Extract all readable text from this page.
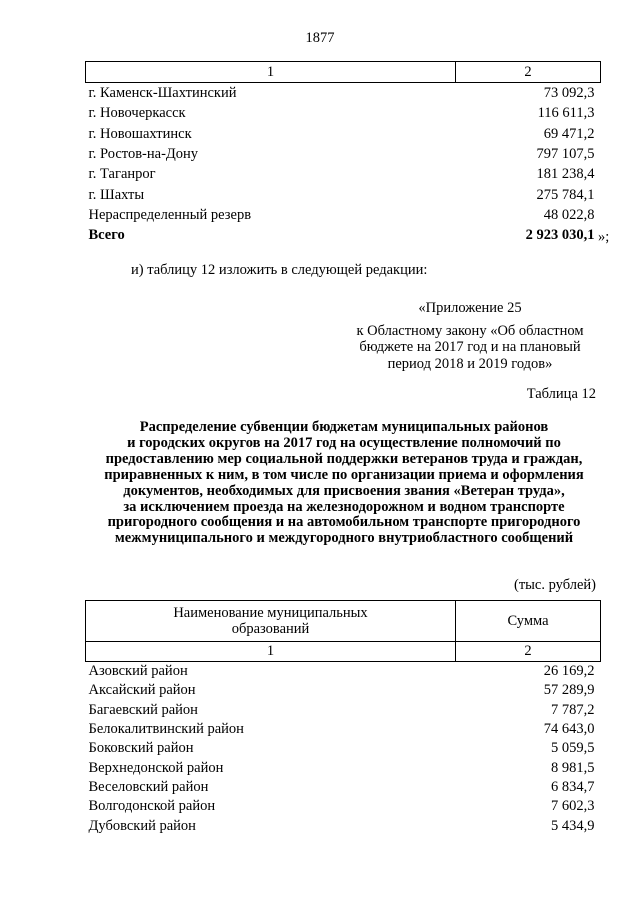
1877
1	2
г. Каменск-Шахтинский	73 092,3
г. Новочеркасск	116 611,3
г. Новошахтинск	69 471,2
г. Ростов-на-Дону	797 107,5
г. Таганрог	181 238,4
г. Шахты	275 784,1
Нераспределенный резерв	48 022,8
Всего	2 923 030,1 »;
и) таблицу 12 изложить в следующей редакции:
«Приложение 25
к Областному закону «Об областном
бюджете на 2017 год и на плановый
период 2018 и 2019 годов»
Таблица 12
Распределение субвенции бюджетам муниципальных районов
и городских округов на 2017 год на осуществление полномочий по
предоставлению мер социальной поддержки ветеранов труда и граждан,
приравненных к ним, в том числе по организации приема и оформления
документов, необходимых для присвоения звания «Ветеран труда»,
за исключением проезда на железнодорожном и водном транспорте
пригородного сообщения и на автомобильном транспорте пригородного
межмуниципального и междугородного внутриобластного сообщений
(тыс. рублей)
Наименование муниципальных
образований	Сумма
1	2
Азовский район	26 169,2
Аксайский район	57 289,9
Багаевский район	7 787,2
Белокалитвинский район	74 643,0
Боковский район	5 059,5
Верхнедонской район	8 981,5
Веселовский район	6 834,7
Волгодонской район	7 602,3
Дубовский район	5 434,9
